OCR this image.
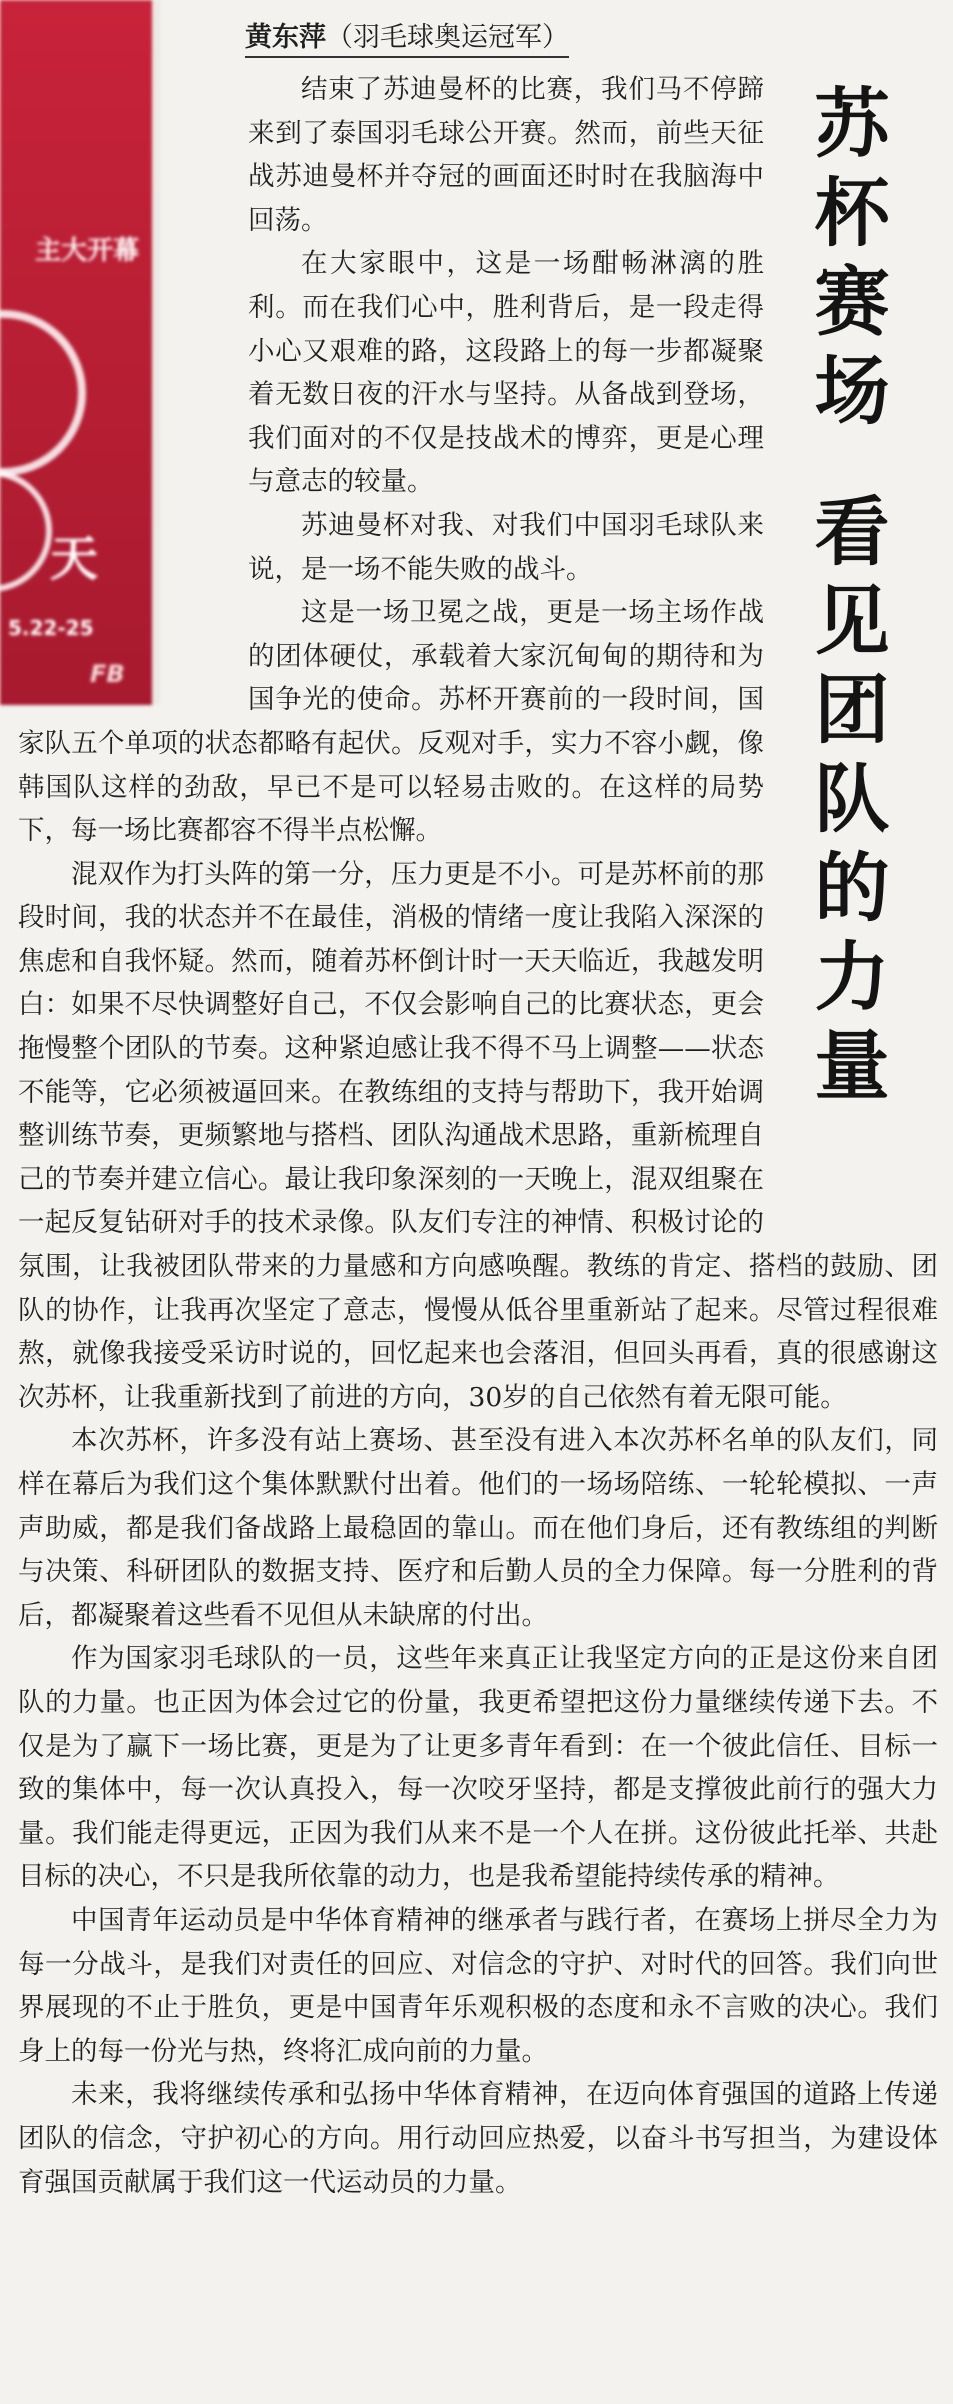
主大开幕
天
5.22-25
FB
黄东萍（羽毛球奥运冠军）
苏
杯
赛
场
看
见
团
队
的
力
量

结束了苏迪曼杯的比赛，我们马不停蹄来到了泰国羽毛球公开赛。然而，前些天征战苏迪曼杯并夺冠的画面还时时在我脑海中回荡。

在大家眼中，这是一场酣畅淋漓的胜利。而在我们心中，胜利背后，是一段走得小心又艰难的路，这段路上的每一步都凝聚着无数日夜的汗水与坚持。从备战到登场，我们面对的不仅是技战术的博弈，更是心理与意志的较量。

苏迪曼杯对我、对我们中国羽毛球队来说，是一场不能失败的战斗。

这是一场卫冕之战，更是一场主场作战的团体硬仗，承载着大家沉甸甸的期待和为国争光的使命。苏杯开赛前的一段时间，国家队五个单项的状态都略有起伏。反观对手，实力不容小觑，像韩国队这样的劲敌，早已不是可以轻易击败的。在这样的局势下，每一场比赛都容不得半点松懈。

混双作为打头阵的第一分，压力更是不小。可是苏杯前的那段时间，我的状态并不在最佳，消极的情绪一度让我陷入深深的焦虑和自我怀疑。然而，随着苏杯倒计时一天天临近，我越发明白：如果不尽快调整好自己，不仅会影响自己的比赛状态，更会拖慢整个团队的节奏。这种紧迫感让我不得不马上调整——状态不能等，它必须被逼回来。在教练组的支持与帮助下，我开始调整训练节奏，更频繁地与搭档、团队沟通战术思路，重新梳理自己的节奏并建立信心。最让我印象深刻的一天晚上，混双组聚在一起反复钻研对手的技术录像。队友们专注的神情、积极讨论的氛围，让我被团队带来的力量感和方向感唤醒。教练的肯定、搭档的鼓励、团队的协作，让我再次坚定了意志，慢慢从低谷里重新站了起来。尽管过程很难熬，就像我接受采访时说的，回忆起来也会落泪，但回头再看，真的很感谢这次苏杯，让我重新找到了前进的方向，30岁的自己依然有着无限可能。

本次苏杯，许多没有站上赛场、甚至没有进入本次苏杯名单的队友们，同样在幕后为我们这个集体默默付出着。他们的一场场陪练、一轮轮模拟、一声声助威，都是我们备战路上最稳固的靠山。而在他们身后，还有教练组的判断与决策、科研团队的数据支持、医疗和后勤人员的全力保障。每一分胜利的背后，都凝聚着这些看不见但从未缺席的付出。

作为国家羽毛球队的一员，这些年来真正让我坚定方向的正是这份来自团队的力量。也正因为体会过它的份量，我更希望把这份力量继续传递下去。不仅是为了赢下一场比赛，更是为了让更多青年看到：在一个彼此信任、目标一致的集体中，每一次认真投入，每一次咬牙坚持，都是支撑彼此前行的强大力量。我们能走得更远，正因为我们从来不是一个人在拼。这份彼此托举、共赴目标的决心，不只是我所依靠的动力，也是我希望能持续传承的精神。

中国青年运动员是中华体育精神的继承者与践行者，在赛场上拼尽全力为每一分战斗，是我们对责任的回应、对信念的守护、对时代的回答。我们向世界展现的不止于胜负，更是中国青年乐观积极的态度和永不言败的决心。我们身上的每一份光与热，终将汇成向前的力量。

未来，我将继续传承和弘扬中华体育精神，在迈向体育强国的道路上传递团队的信念，守护初心的方向。用行动回应热爱，以奋斗书写担当，为建设体育强国贡献属于我们这一代运动员的力量。
